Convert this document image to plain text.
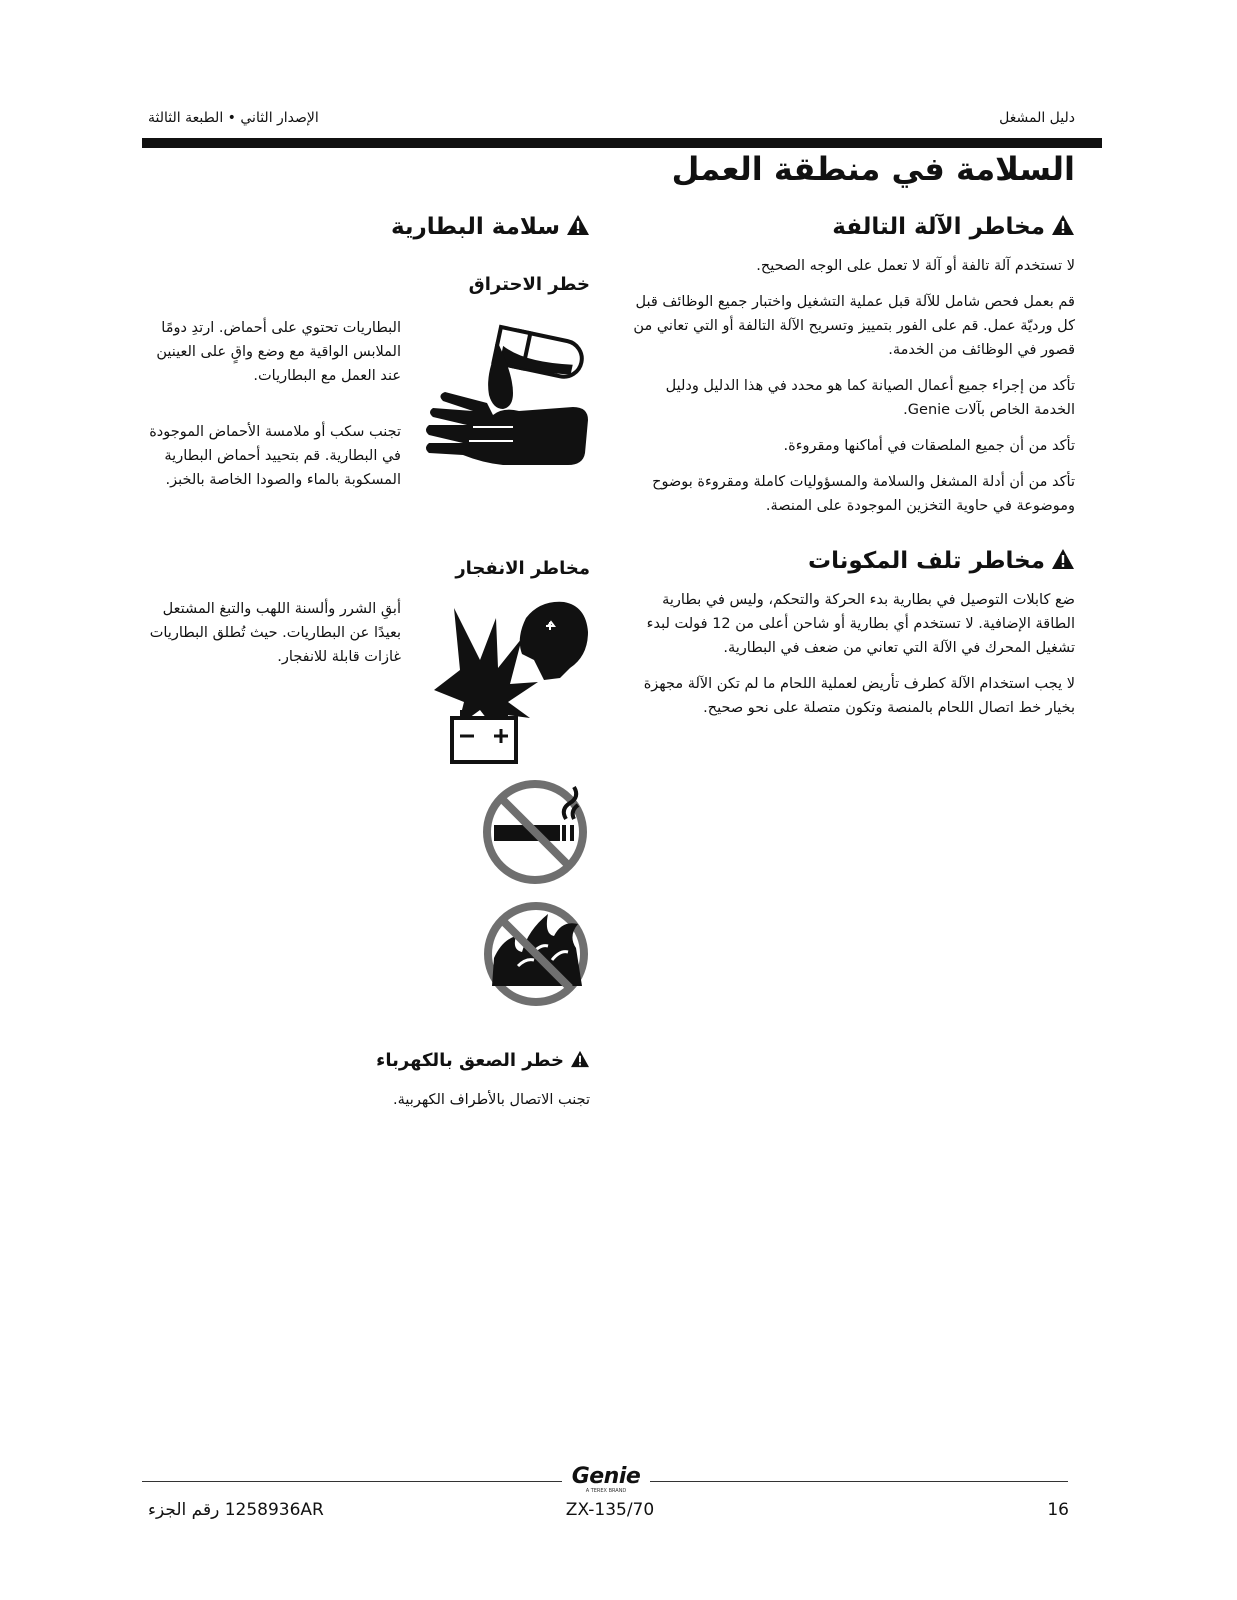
الإصدار الثاني • الطبعة الثالثة	دليل المشغل
السلامة في منطقة العمل
مخاطر الآلة التالفة

لا تستخدم آلة تالفة أو آلة لا تعمل على الوجه الصحيح.

قم بعمل فحص شامل للآلة قبل عملية التشغيل واختبار جميع الوظائف قبل كل ورديّة عمل. قم على الفور بتمييز وتسريح الآلة التالفة أو التي تعاني من قصور في الوظائف من الخدمة.

تأكد من إجراء جميع أعمال الصيانة كما هو محدد في هذا الدليل ودليل الخدمة الخاص بآلات Genie.

تأكد من أن جميع الملصقات في أماكنها ومقروءة.

تأكد من أن أدلة المشغل والسلامة والمسؤوليات كاملة ومقروءة بوضوح وموضوعة في حاوية التخزين الموجودة على المنصة.

مخاطر تلف المكونات

ضع كابلات التوصيل في بطارية بدء الحركة والتحكم، وليس في بطارية الطاقة الإضافية. لا تستخدم أي بطارية أو شاحن أعلى من 12 فولت لبدء تشغيل المحرك في الآلة التي تعاني من ضعف في البطارية.

لا يجب استخدام الآلة كطرف تأريض لعملية اللحام ما لم تكن الآلة مجهزة بخيار خط اتصال اللحام بالمنصة وتكون متصلة على نحو صحيح.

سلامة البطارية
خطر الاحتراق

البطاريات تحتوي على أحماض. ارتدِ دومًا الملابس الواقية مع وضع واقٍ على العينين عند العمل مع البطاريات.

تجنب سكب أو ملامسة الأحماض الموجودة في البطارية. قم بتحييد أحماض البطارية المسكوبة بالماء والصودا الخاصة بالخبز.

مخاطر الانفجار

أبقِ الشرر وألسنة اللهب والتبغ المشتعل بعيدًا عن البطاريات. حيث تُطلق البطاريات غازات قابلة للانفجار.

خطر الصعق بالكهرباء

تجنب الاتصال بالأطراف الكهربية.

Genie
A TEREX BRAND
1258936AR رقم الجزء	ZX-135/70	16
